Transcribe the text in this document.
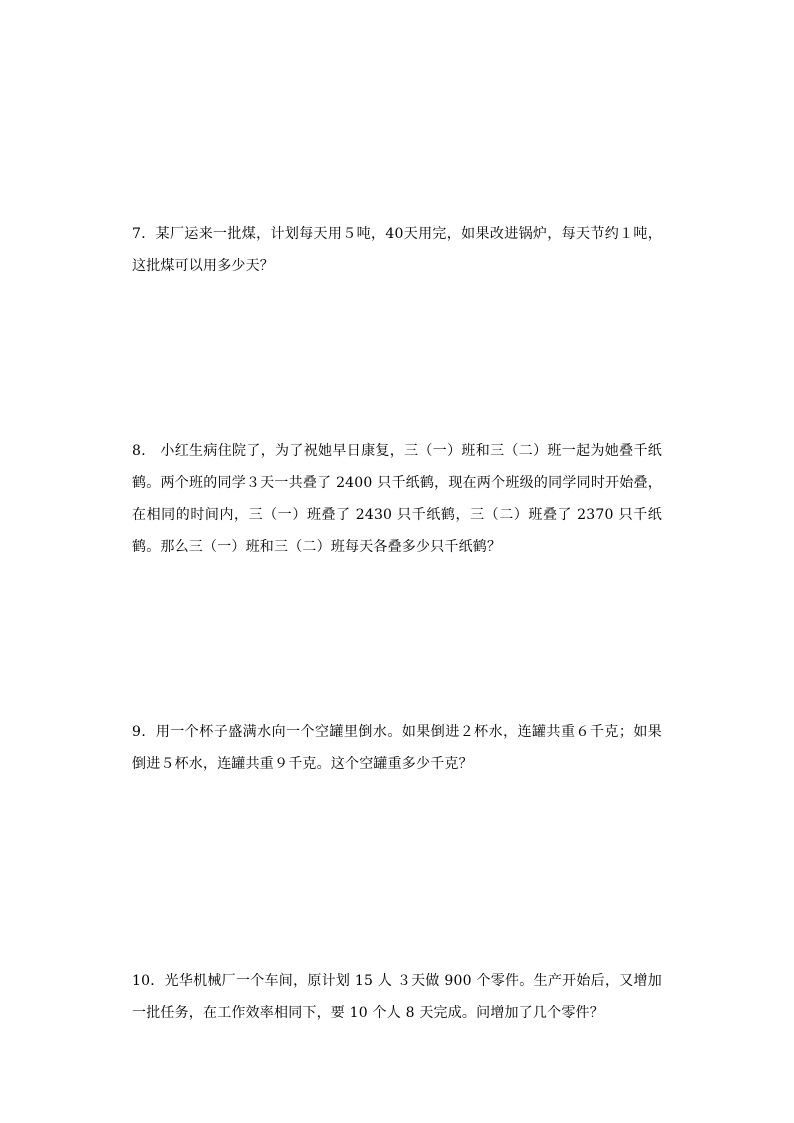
7．某厂运来一批煤，计划每天用５吨，40天用完，如果改进锅炉，每天节约１吨，这批煤可以用多少天？

8． 小红生病住院了，为了祝她早日康复，三（一）班和三（二）班一起为她叠千纸鹤。两个班的同学３天一共叠了 2400 只千纸鹤，现在两个班级的同学同时开始叠，在相同的时间内，三（一）班叠了 2430 只千纸鹤，三（二）班叠了 2370 只千纸鹤。那么三（一）班和三（二）班每天各叠多少只千纸鹤？

9．用一个杯子盛满水向一个空罐里倒水。如果倒进２杯水，连罐共重６千克；如果倒进５杯水，连罐共重９千克。这个空罐重多少千克？

10．光华机械厂一个车间，原计划 15 人 ３天做 900 个零件。生产开始后，又增加一批任务，在工作效率相同下，要 10 个人 8 天完成。问增加了几个零件？
